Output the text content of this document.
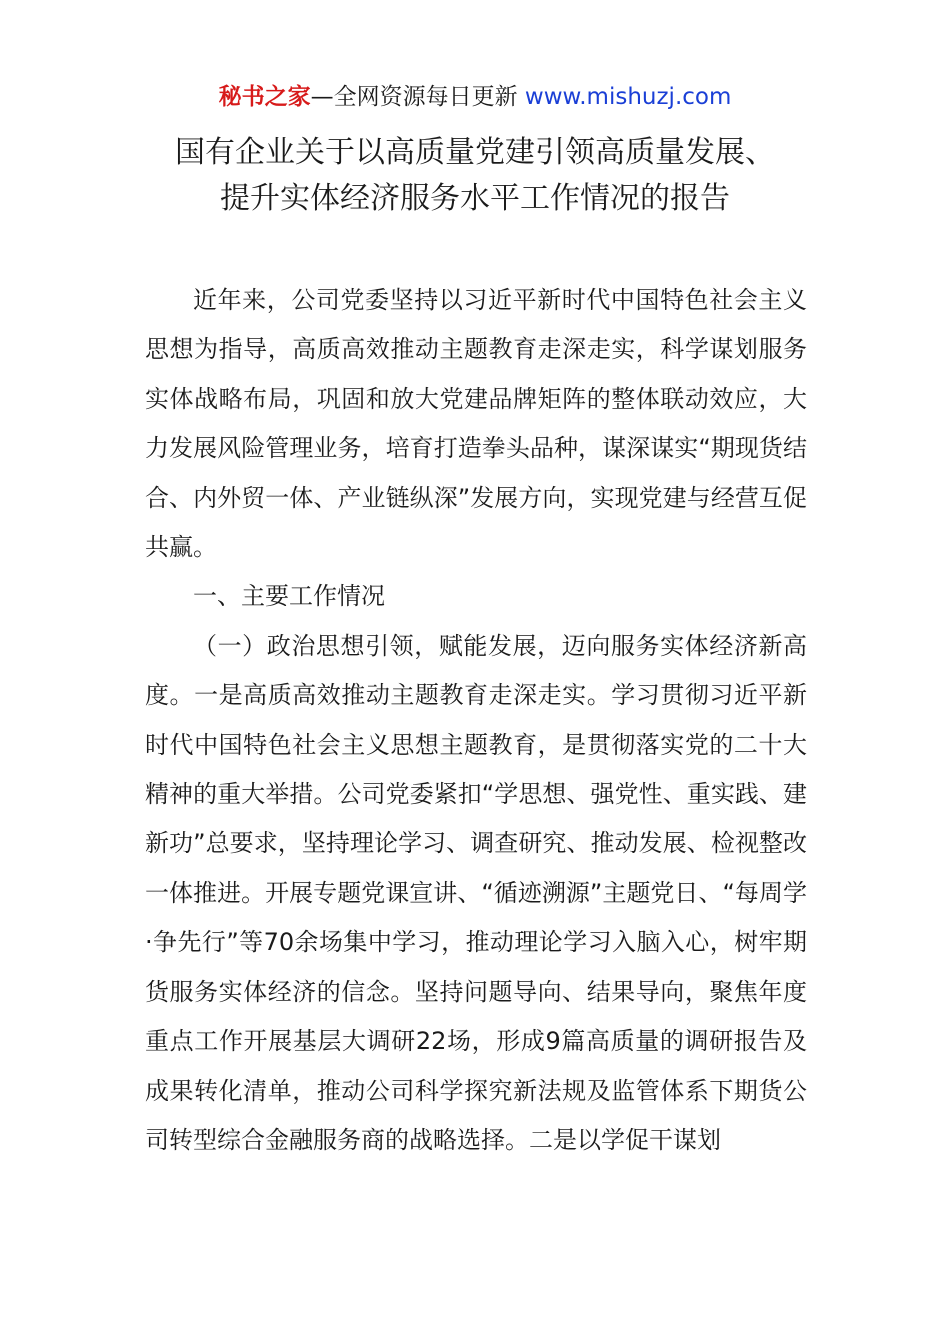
秘书之家—全网资源每日更新 www.mishuzj.com
国有企业关于以高质量党建引领高质量发展、
提升实体经济服务水平工作情况的报告

近年来，公司党委坚持以习近平新时代中国特色社会主义思想为指导，高质高效推动主题教育走深走实，科学谋划服务实体战略布局，巩固和放大党建品牌矩阵的整体联动效应，大力发展风险管理业务，培育打造拳头品种，谋深谋实“期现货结合、内外贸一体、产业链纵深”发展方向，实现党建与经营互促共赢。

一、主要工作情况

（一）政治思想引领，赋能发展，迈向服务实体经济新高度。一是高质高效推动主题教育走深走实。学习贯彻习近平新时代中国特色社会主义思想主题教育，是贯彻落实党的二十大精神的重大举措。公司党委紧扣“学思想、强党性、重实践、建新功”总要求，坚持理论学习、调查研究、推动发展、检视整改一体推进。开展专题党课宣讲、“循迹溯源”主题党日、“每周学·争先行”等70余场集中学习，推动理论学习入脑入心，树牢期货服务实体经济的信念。坚持问题导向、结果导向，聚焦年度重点工作开展基层大调研22场，形成9篇高质量的调研报告及成果转化清单，推动公司科学探究新法规及监管体系下期货公司转型综合金融服务商的战略选择。二是以学促干谋划
